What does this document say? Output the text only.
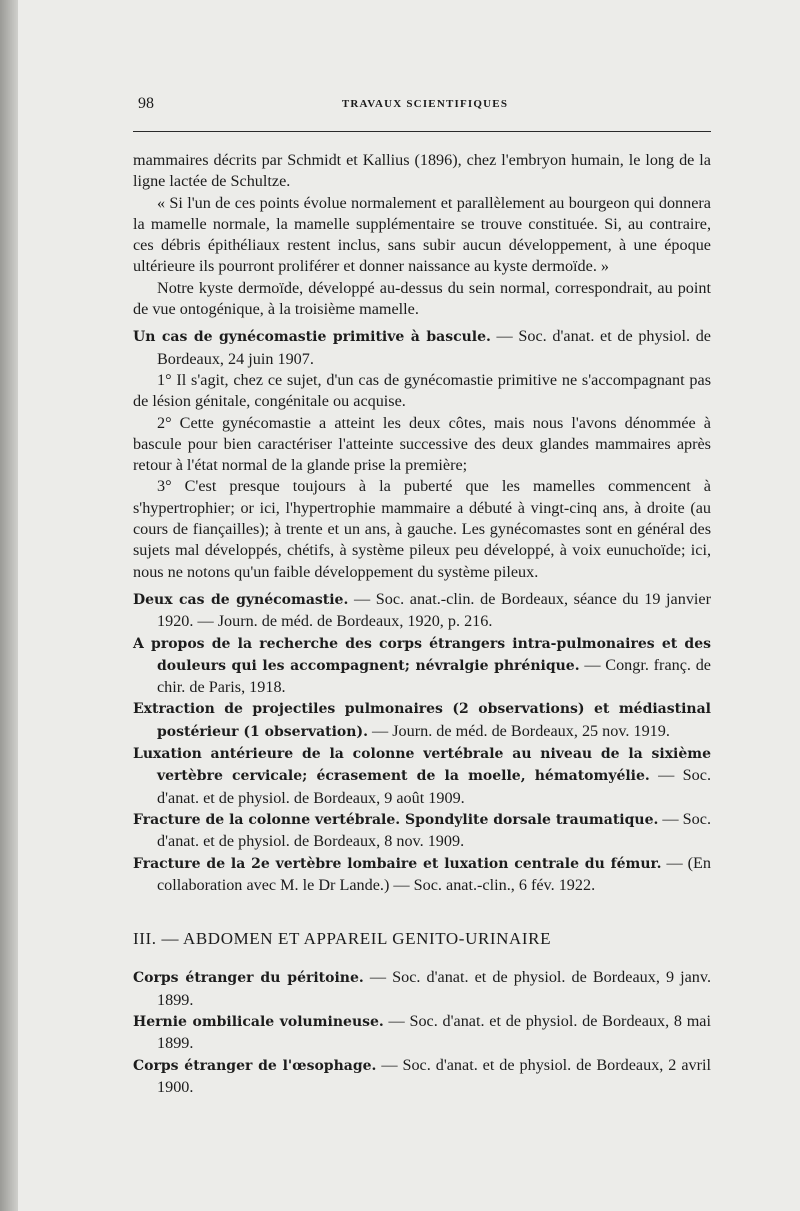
98	TRAVAUX SCIENTIFIQUES

mammaires décrits par Schmidt et Kallius (1896), chez l'embryon humain, le long de la ligne lactée de Schultze.

« Si l'un de ces points évolue normalement et parallèlement au bourgeon qui donnera la mamelle normale, la mamelle supplémentaire se trouve constituée. Si, au contraire, ces débris épithéliaux restent inclus, sans subir aucun développement, à une époque ultérieure ils pourront proliférer et donner naissance au kyste dermoïde. »

Notre kyste dermoïde, développé au-dessus du sein normal, correspondrait, au point de vue ontogénique, à la troisième mamelle.

Un cas de gynécomastie primitive à bascule. — Soc. d'anat. et de physiol. de Bordeaux, 24 juin 1907.

1° Il s'agit, chez ce sujet, d'un cas de gynécomastie primitive ne s'accompagnant pas de lésion génitale, congénitale ou acquise.

2° Cette gynécomastie a atteint les deux côtes, mais nous l'avons dénommée à bascule pour bien caractériser l'atteinte successive des deux glandes mammaires après retour à l'état normal de la glande prise la première;

3° C'est presque toujours à la puberté que les mamelles commencent à s'hypertrophier; or ici, l'hypertrophie mammaire a débuté à vingt-cinq ans, à droite (au cours de fiançailles); à trente et un ans, à gauche. Les gynécomastes sont en général des sujets mal développés, chétifs, à système pileux peu développé, à voix eunuchoïde; ici, nous ne notons qu'un faible développement du système pileux.

Deux cas de gynécomastie. — Soc. anat.-clin. de Bordeaux, séance du 19 janvier 1920. — Journ. de méd. de Bordeaux, 1920, p. 216.

A propos de la recherche des corps étrangers intra-pulmonaires et des douleurs qui les accompagnent; névralgie phrénique. — Congr. franç. de chir. de Paris, 1918.

Extraction de projectiles pulmonaires (2 observations) et médiastinal postérieur (1 observation). — Journ. de méd. de Bordeaux, 25 nov. 1919.

Luxation antérieure de la colonne vertébrale au niveau de la sixième vertèbre cervicale; écrasement de la moelle, hématomyélie. — Soc. d'anat. et de physiol. de Bordeaux, 9 août 1909.

Fracture de la colonne vertébrale. Spondylite dorsale traumatique. — Soc. d'anat. et de physiol. de Bordeaux, 8 nov. 1909.

Fracture de la 2e vertèbre lombaire et luxation centrale du fémur. — (En collaboration avec M. le Dr Lande.) — Soc. anat.-clin., 6 fév. 1922.

III. — ABDOMEN ET APPAREIL GENITO-URINAIRE

Corps étranger du péritoine. — Soc. d'anat. et de physiol. de Bordeaux, 9 janv. 1899.

Hernie ombilicale volumineuse. — Soc. d'anat. et de physiol. de Bordeaux, 8 mai 1899.

Corps étranger de l'œsophage. — Soc. d'anat. et de physiol. de Bordeaux, 2 avril 1900.
